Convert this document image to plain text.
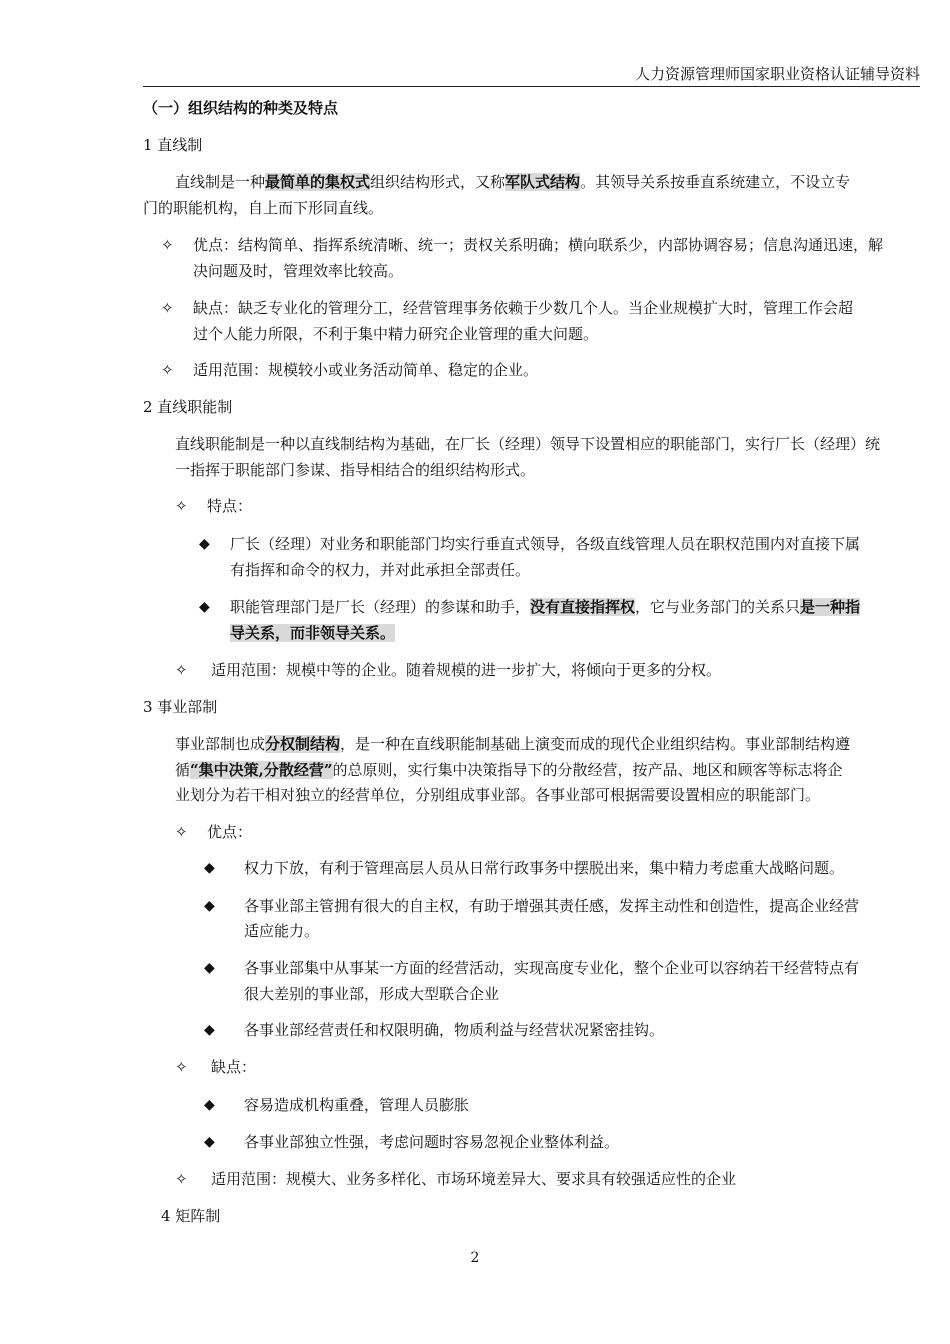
人力资源管理师国家职业资格认证辅导资料
（一）组织结构的种类及特点
1 直线制
直线制是一种最简单的集权式组织结构形式，又称军队式结构。其领导关系按垂直系统建立，不设立专
门的职能机构，自上而下形同直线。
✧ 优点：结构简单、指挥系统清晰、统一；责权关系明确；横向联系少，内部协调容易；信息沟通迅速，解
决问题及时，管理效率比较高。
✧ 缺点：缺乏专业化的管理分工，经营管理事务依赖于少数几个人。当企业规模扩大时，管理工作会超
过个人能力所限，不利于集中精力研究企业管理的重大问题。
✧ 适用范围：规模较小或业务活动简单、稳定的企业。
2 直线职能制
直线职能制是一种以直线制结构为基础，在厂长（经理）领导下设置相应的职能部门，实行厂长（经理）统
一指挥于职能部门参谋、指导相结合的组织结构形式。
✧ 特点：
◆ 厂长（经理）对业务和职能部门均实行垂直式领导，各级直线管理人员在职权范围内对直接下属
有指挥和命令的权力，并对此承担全部责任。
◆ 职能管理部门是厂长（经理）的参谋和助手，没有直接指挥权，它与业务部门的关系只是一种指
导关系，而非领导关系。
✧ 适用范围：规模中等的企业。随着规模的进一步扩大，将倾向于更多的分权。
3 事业部制
事业部制也成分权制结构，是一种在直线职能制基础上演变而成的现代企业组织结构。事业部制结构遵
循“集中决策,分散经营”的总原则，实行集中决策指导下的分散经营，按产品、地区和顾客等标志将企
业划分为若干相对独立的经营单位，分别组成事业部。各事业部可根据需要设置相应的职能部门。
✧ 优点：
◆ 权力下放，有利于管理高层人员从日常行政事务中摆脱出来，集中精力考虑重大战略问题。
◆ 各事业部主管拥有很大的自主权，有助于增强其责任感，发挥主动性和创造性，提高企业经营
适应能力。
◆ 各事业部集中从事某一方面的经营活动，实现高度专业化，整个企业可以容纳若干经营特点有
很大差别的事业部，形成大型联合企业
◆ 各事业部经营责任和权限明确，物质利益与经营状况紧密挂钩。
✧ 缺点：
◆ 容易造成机构重叠，管理人员膨胀
◆ 各事业部独立性强，考虑问题时容易忽视企业整体利益。
✧ 适用范围：规模大、业务多样化、市场环境差异大、要求具有较强适应性的企业
4 矩阵制
2
